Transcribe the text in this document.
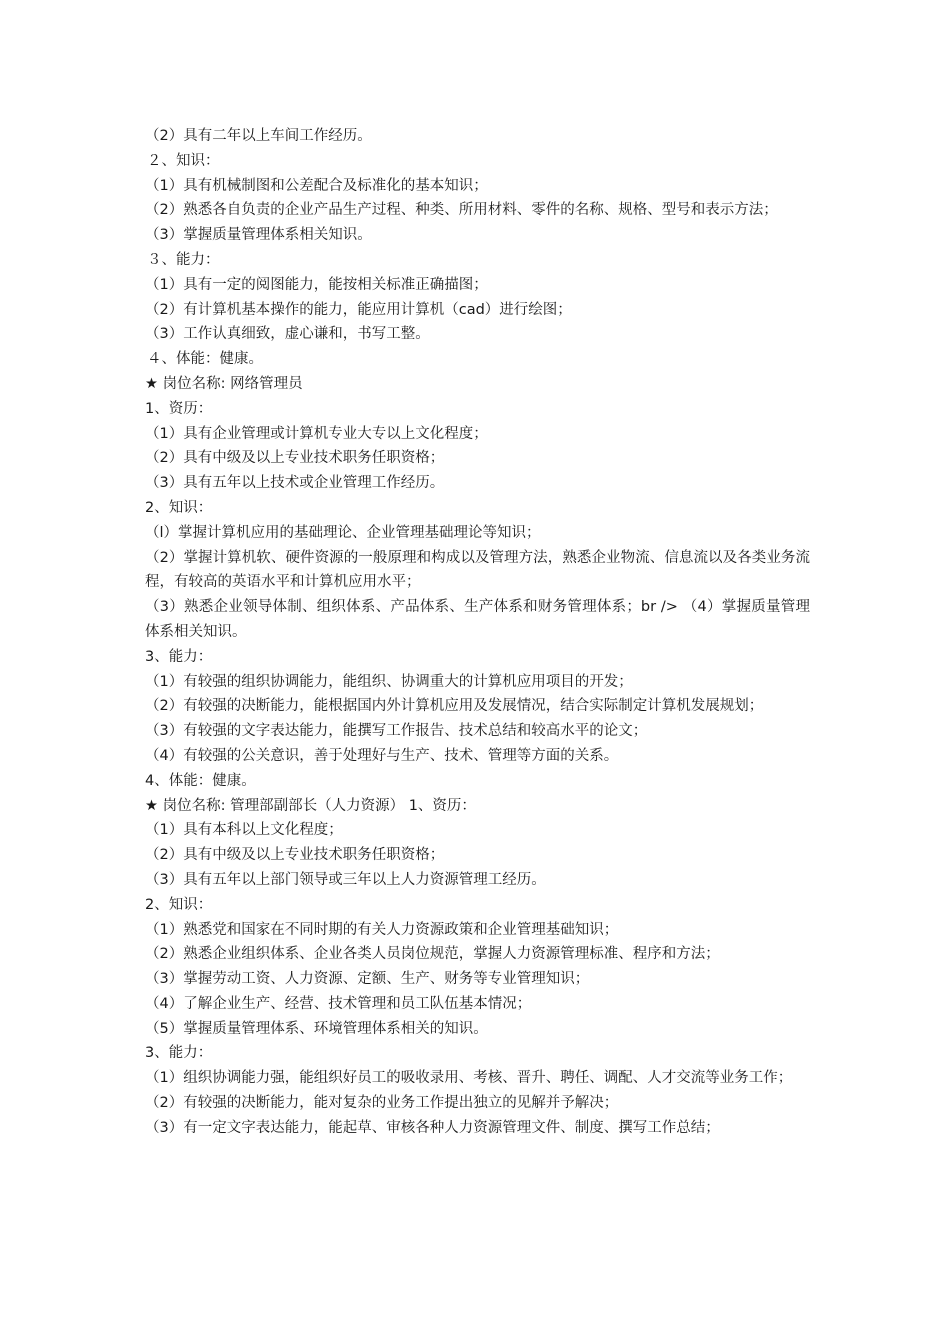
（2）具有二年以上车间工作经历。
２、知识：
（1）具有机械制图和公差配合及标准化的基本知识；
（2）熟悉各自负责的企业产品生产过程、种类、所用材料、零件的名称、规格、型号和表示方法；
（3）掌握质量管理体系相关知识。
３、能力：
（1）具有一定的阅图能力，能按相关标准正确描图；
（2）有计算机基本操作的能力，能应用计算机（cad）进行绘图；
（3）工作认真细致，虚心谦和，书写工整。
４、体能：健康。
★ 岗位名称: 网络管理员
1、资历：
（1）具有企业管理或计算机专业大专以上文化程度；
（2）具有中级及以上专业技术职务任职资格；
（3）具有五年以上技术或企业管理工作经历。
2、知识：
（l）掌握计算机应用的基础理论、企业管理基础理论等知识；
（2）掌握计算机软、硬件资源的一般原理和构成以及管理方法，熟悉企业物流、信息流以及各类业务流程，有较高的英语水平和计算机应用水平；
（3）熟悉企业领导体制、组织体系、产品体系、生产体系和财务管理体系；br /> （4）掌握质量管理体系相关知识。
3、能力：
（1）有较强的组织协调能力，能组织、协调重大的计算机应用项目的开发；
（2）有较强的决断能力，能根据国内外计算机应用及发展情况，结合实际制定计算机发展规划；
（3）有较强的文字表达能力，能撰写工作报告、技术总结和较高水平的论文；
（4）有较强的公关意识，善于处理好与生产、技术、管理等方面的关系。
4、体能：健康。
★ 岗位名称: 管理部副部长（人力资源） 1、资历：
（1）具有本科以上文化程度；
（2）具有中级及以上专业技术职务任职资格；
（3）具有五年以上部门领导或三年以上人力资源管理工经历。
2、知识：
（1）熟悉党和国家在不同时期的有关人力资源政策和企业管理基础知识；
（2）熟悉企业组织体系、企业各类人员岗位规范，掌握人力资源管理标准、程序和方法；
（3）掌握劳动工资、人力资源、定额、生产、财务等专业管理知识；
（4）了解企业生产、经营、技术管理和员工队伍基本情况；
（5）掌握质量管理体系、环境管理体系相关的知识。
3、能力：
（1）组织协调能力强，能组织好员工的吸收录用、考核、晋升、聘任、调配、人才交流等业务工作；
（2）有较强的决断能力，能对复杂的业务工作提出独立的见解并予解决；
（3）有一定文字表达能力，能起草、审核各种人力资源管理文件、制度、撰写工作总结；
